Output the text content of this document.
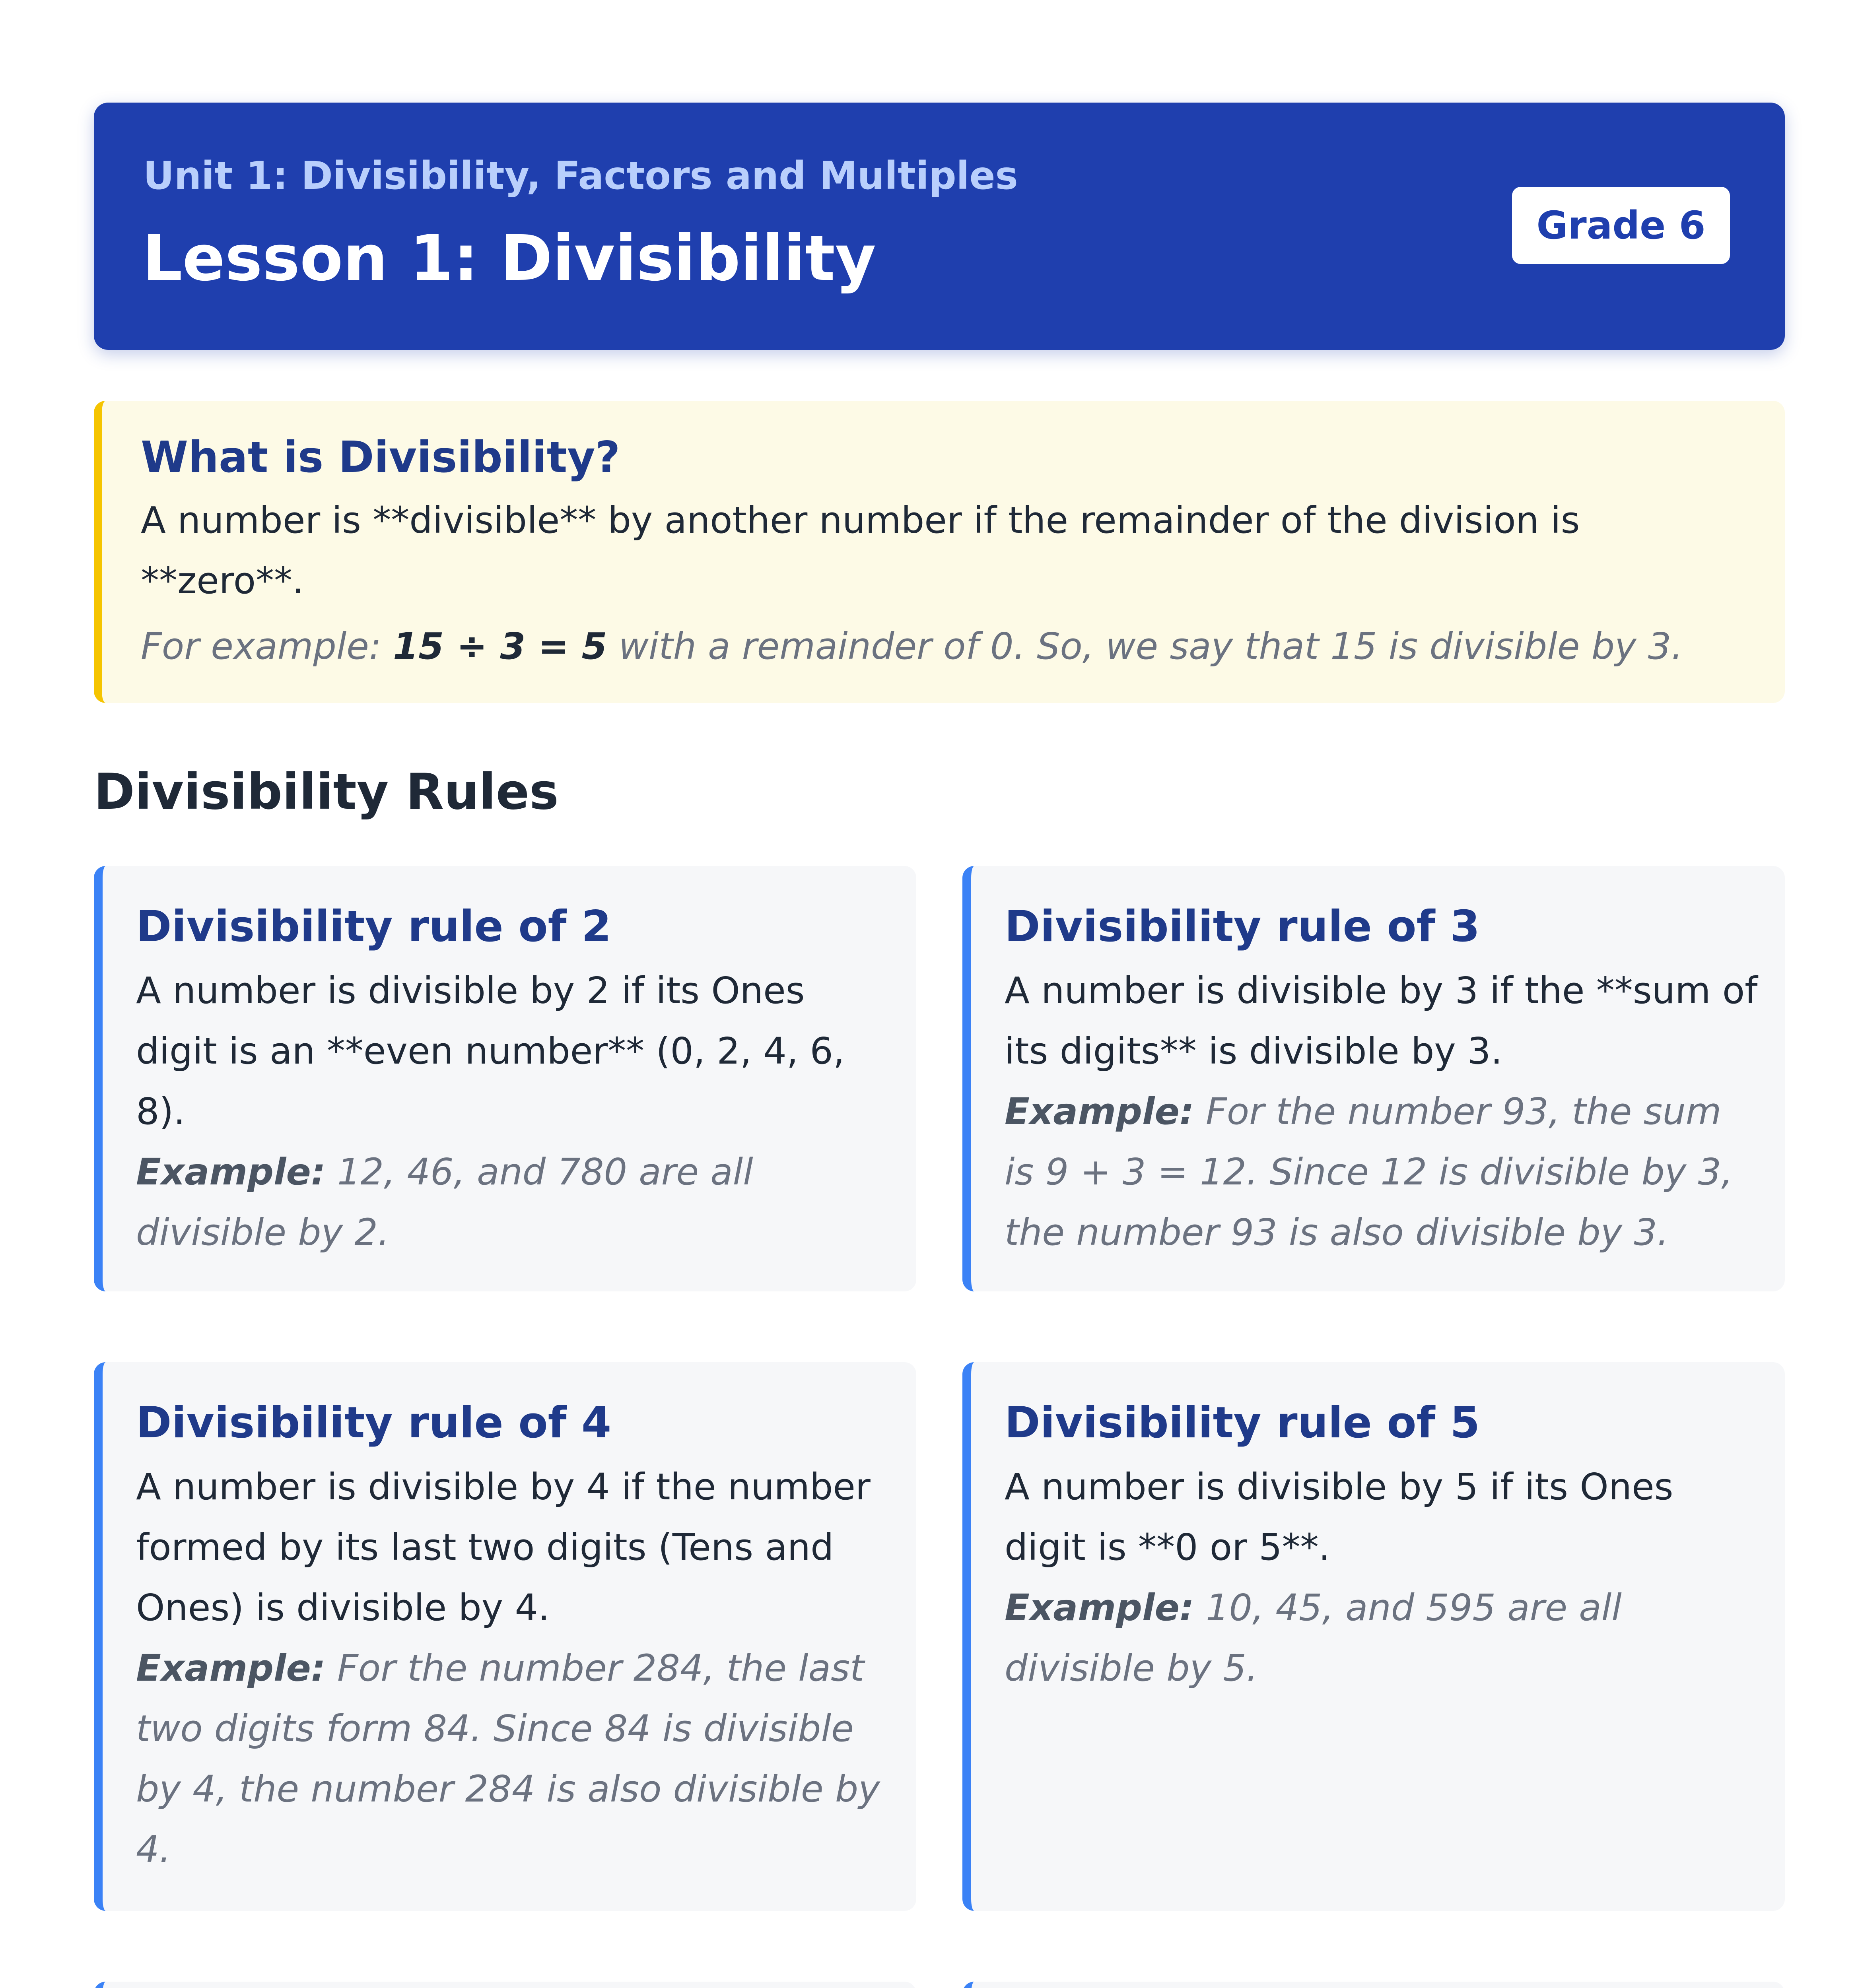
Unit 1: Divisibility, Factors and Multiples
Lesson 1: Divisibility	Grade 6
What is Divisibility?
A number is **divisible** by another number if the remainder of the division is **zero**.
For example: 15 ÷ 3 = 5 with a remainder of 0. So, we say that 15 is divisible by 3.
Divisibility Rules
Divisibility rule of 2
A number is divisible by 2 if its Ones digit is an **even number** (0, 2, 4, 6, 8).
Example: 12, 46, and 780 are all divisible by 2.
Divisibility rule of 3
A number is divisible by 3 if the **sum of its digits** is divisible by 3.
Example: For the number 93, the sum is 9 + 3 = 12. Since 12 is divisible by 3, the number 93 is also divisible by 3.
Divisibility rule of 4
A number is divisible by 4 if the number formed by its last two digits (Tens and Ones) is divisible by 4.
Example: For the number 284, the last two digits form 84. Since 84 is divisible by 4, the number 284 is also divisible by 4.
Divisibility rule of 5
A number is divisible by 5 if its Ones digit is **0 or 5**.
Example: 10, 45, and 595 are all divisible by 5.
